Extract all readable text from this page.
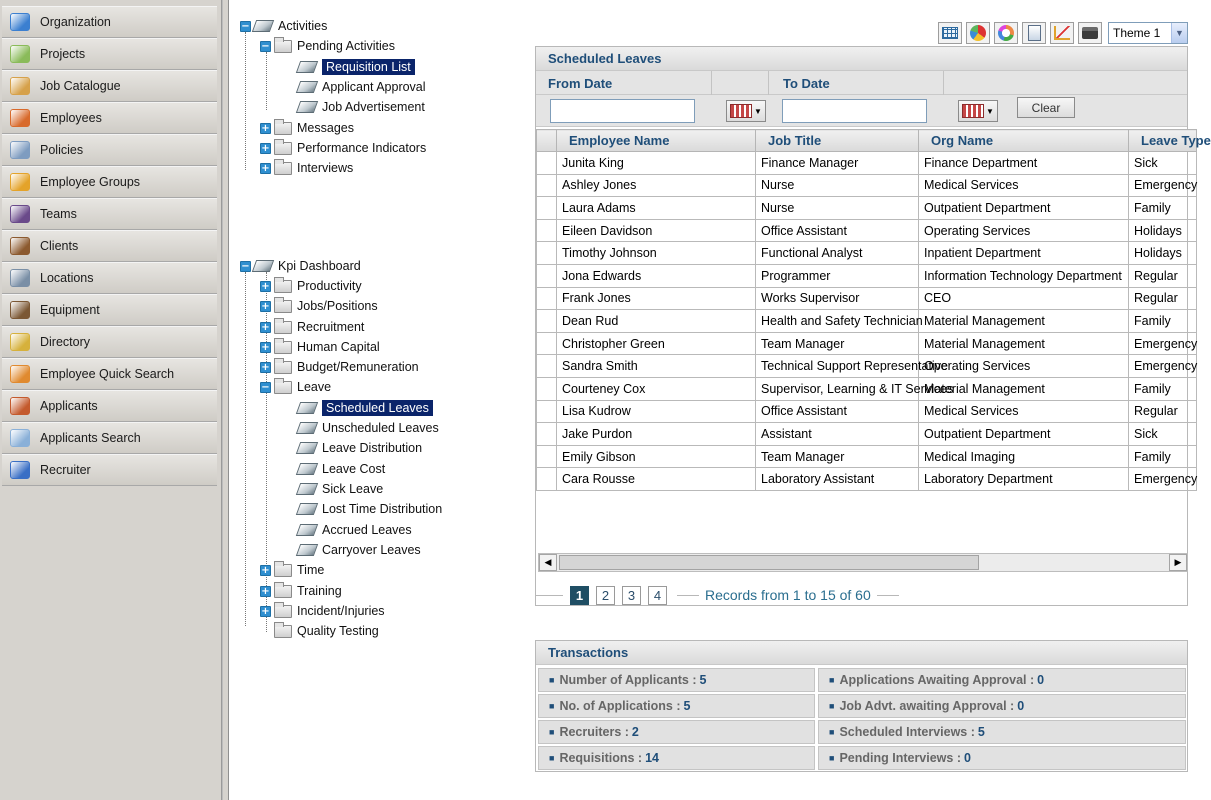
Organization
Projects
Job Catalogue
Employees
Policies
Employee Groups
Teams
Clients
Locations
Equipment
Directory
Employee Quick Search
Applicants
Applicants Search
Recruiter
− Activities
− Pending Activities
Requisition List
Applicant Approval
Job Advertisement
+ Messages
+ Performance Indicators
+ Interviews
− Kpi Dashboard
+ Productivity
+ Jobs/Positions
+ Recruitment
+ Human Capital
+ Budget/Remuneration
− Leave
Scheduled Leaves
Unscheduled Leaves
Leave Distribution
Leave Cost
Sick Leave
Lost Time Distribution
Accrued Leaves
Carryover Leaves
+ Time
+ Training
+ Incident/Injuries
Quality Testing
Theme 1	▼
Scheduled Leaves
From Date	To Date
▼	▼	Clear
	Employee Name	Job Title	Org Name	Leave Type
	Junita King	Finance Manager	Finance Department	Sick
	Ashley Jones	Nurse	Medical Services	Emergency
	Laura Adams	Nurse	Outpatient Department	Family
	Eileen Davidson	Office Assistant	Operating Services	Holidays
	Timothy Johnson	Functional Analyst	Inpatient Department	Holidays
	Jona Edwards	Programmer	Information Technology Department	Regular
	Frank Jones	Works Supervisor	CEO	Regular
	Dean Rud	Health and Safety Technician	Material Management	Family
	Christopher Green	Team Manager	Material Management	Emergency
	Sandra Smith	Technical Support Representative	Operating Services	Emergency
	Courteney Cox	Supervisor, Learning & IT Services	Material Management	Family
	Lisa Kudrow	Office Assistant	Medical Services	Regular
	Jake Purdon	Assistant	Outpatient Department	Sick
	Emily Gibson	Team Manager	Medical Imaging	Family
	Cara Rousse	Laboratory Assistant	Laboratory Department	Emergency

◀	▶
1	2	3	4	Records from 1 to 15 of 60
Transactions
■ Number of Applicants : 5
■ No. of Applications : 5
■ Recruiters : 2
■ Requisitions : 14
■ Applications Awaiting Approval : 0
■ Job Advt. awaiting Approval : 0
■ Scheduled Interviews : 5
■ Pending Interviews : 0
